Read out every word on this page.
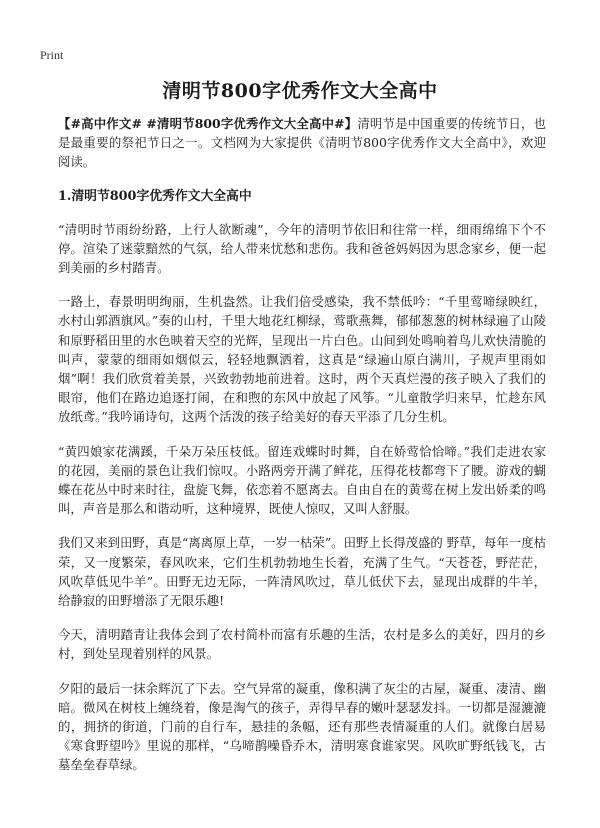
Print
清明节800字优秀作文大全高中

【#高中作文# #清明节800字优秀作文大全高中#】清明节是中国重要的传统节日，也是最重要的祭祀节日之一。文档网为大家提供《清明节800字优秀作文大全高中》，欢迎阅读。

1.清明节800字优秀作文大全高中

“清明时节雨纷纷路，上行人欲断魂”，今年的清明节依旧和往常一样，细雨绵绵下个不停。渲染了迷蒙黯然的气氛，给人带来忧愁和悲伤。我和爸爸妈妈因为思念家乡，便一起到美丽的乡村踏青。

一路上，春景明明绚丽，生机盎然。让我们倍受感染，我不禁低吟：“千里莺啼绿映红，水村山郭酒旗风。”奏的山村，千里大地花红柳绿，莺歌燕舞，郁郁葱葱的树林绿遍了山陵和原野稻田里的水色映着天空的光辉，呈现出一片白色。山间到处鸣响着鸟儿欢快清脆的叫声，蒙蒙的细雨如烟似云，轻轻地飘洒着，这真是“绿遍山原白满川，子规声里雨如烟”啊！我们欣赏着美景，兴致勃勃地前进着。这时，两个天真烂漫的孩子映入了我们的眼帘，他们在路边追逐打闹，在和煦的东风中放起了风筝。“儿童散学归来早，忙趁东风放纸鸢。”我吟诵诗句，这两个活泼的孩子给美好的春天平添了几分生机。

“黄四娘家花满蹊，千朵万朵压枝低。留连戏蝶时时舞，自在娇莺恰恰啼。”我们走进农家的花园，美丽的景色让我们惊叹。小路两旁开满了鲜花，压得花枝都弯下了腰。游戏的蝴蝶在花丛中时来时往，盘旋飞舞，依恋着不愿离去。自由自在的黄莺在树上发出娇柔的鸣叫，声音是那么和谐动听，这种境界，既使人惊叹，又叫人舒服。

我们又来到田野，真是“离离原上草，一岁一枯荣”。田野上长得茂盛的 野草，每年一度枯荣，又一度繁荣，春风吹来，它们生机勃勃地生长着，充满了生气。“天苍苍，野茫茫，风吹草低见牛羊”。田野无边无际，一阵清风吹过，草儿低伏下去，显现出成群的牛羊，给静寂的田野增添了无限乐趣!

今天，清明踏青让我体会到了农村简朴而富有乐趣的生活，农村是多么的美好，四月的乡村，到处呈现着别样的风景。

夕阳的最后一抹余辉沉了下去。空气异常的凝重，像积满了灰尘的古屋，凝重、凄清、幽暗。微风在树枝上缠绕着，像是淘气的孩子，弄得早春的嫩叶瑟瑟发抖。一切都是湿漉漉的，拥挤的街道，门前的自行车，悬挂的条幅，还有那些表情凝重的人们。就像白居易《寒食野望吟》里说的那样，“乌啼鹊噪昏乔木，清明寒食谁家哭。风吹旷野纸钱飞，古墓垒垒春草绿。
